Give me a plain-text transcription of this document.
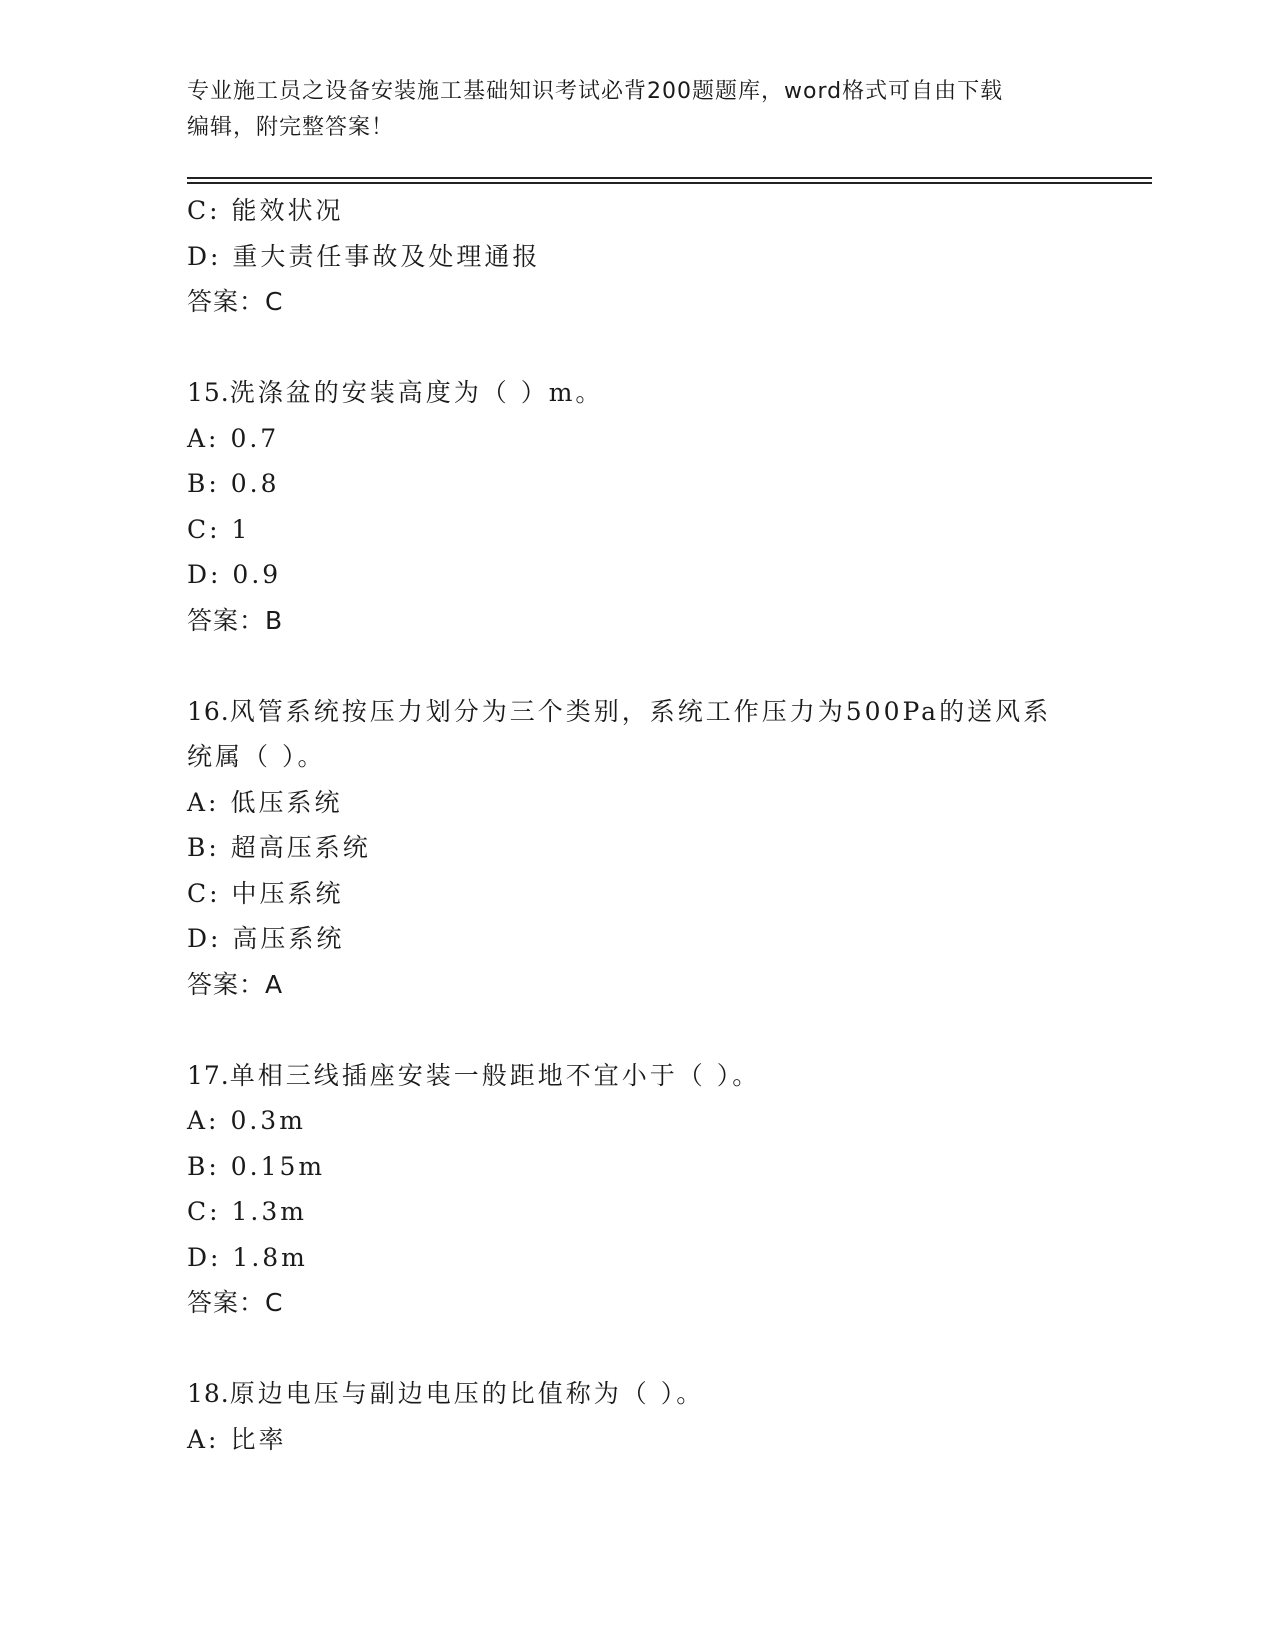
专业施工员之设备安装施工基础知识考试必背200题题库，word格式可自由下载
编辑，附完整答案！
C: 能效状况
D: 重大责任事故及处理通报
答案：C
15.洗涤盆的安装高度为（ ）m。
A: 0.7
B: 0.8
C: 1
D: 0.9
答案：B
16.风管系统按压力划分为三个类别，系统工作压力为500Pa的送风系
统属（ ）。
A: 低压系统
B: 超高压系统
C: 中压系统
D: 高压系统
答案：A
17.单相三线插座安装一般距地不宜小于（ ）。
A: 0.3m
B: 0.15m
C: 1.3m
D: 1.8m
答案：C
18.原边电压与副边电压的比值称为（ ）。
A: 比率
